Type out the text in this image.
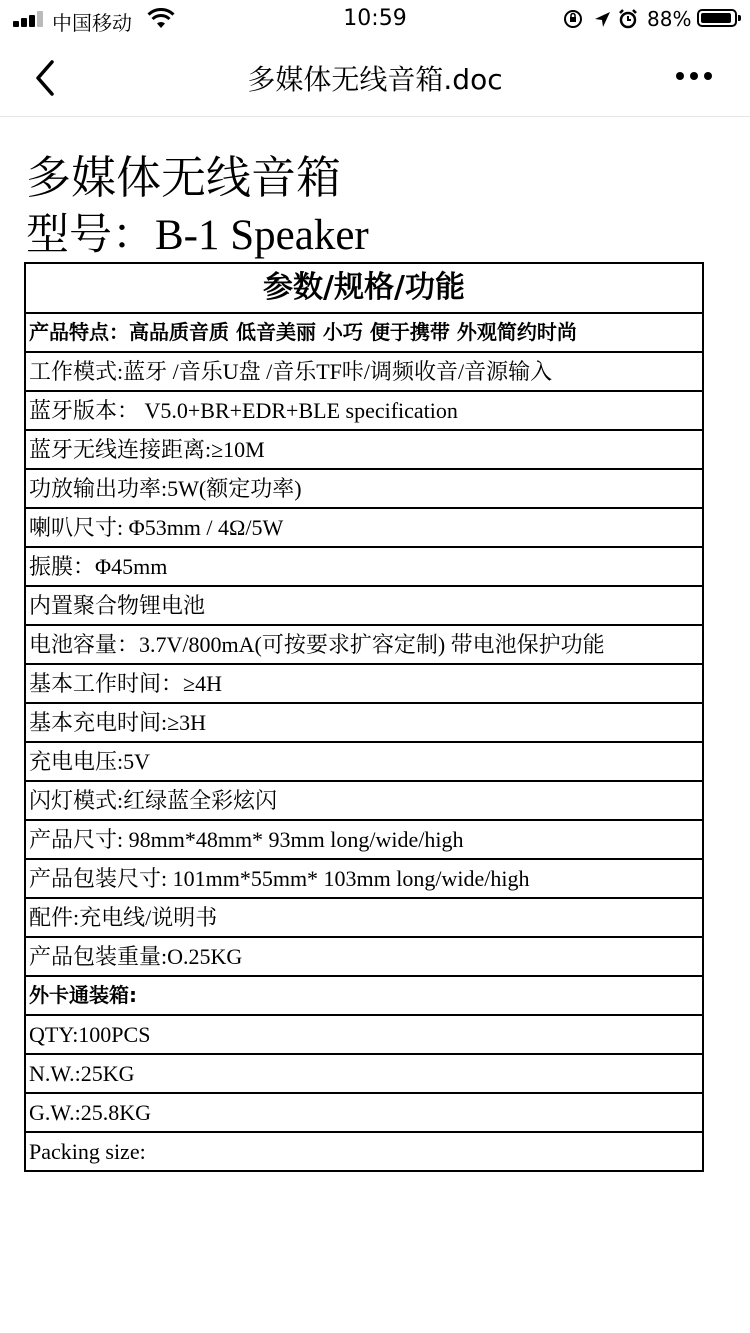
中国移动	10:59	88%
多媒体无线音箱.doc
多媒体无线音箱
型号：B-1 Speaker
参数/规格/功能
产品特点：高品质音质 低音美丽 小巧 便于携带 外观简约时尚
工作模式:蓝牙 /音乐U盘 /音乐TF咔/调频收音/音源输入
蓝牙版本： V5.0+BR+EDR+BLE specification
蓝牙无线连接距离:≥10M
功放输出功率:5W(额定功率)
喇叭尺寸: Φ53mm / 4Ω/5W
振膜：Φ45mm
内置聚合物锂电池
电池容量：3.7V/800mA(可按要求扩容定制) 带电池保护功能
基本工作时间：≥4H
基本充电时间:≥3H
充电电压:5V
闪灯模式:红绿蓝全彩炫闪
产品尺寸: 98mm*48mm* 93mm long/wide/high
产品包装尺寸: 101mm*55mm* 103mm long/wide/high
配件:充电线/说明书
产品包装重量:O.25KG
外卡通装箱:
QTY:100PCS
N.W.:25KG
G.W.:25.8KG
Packing size:
